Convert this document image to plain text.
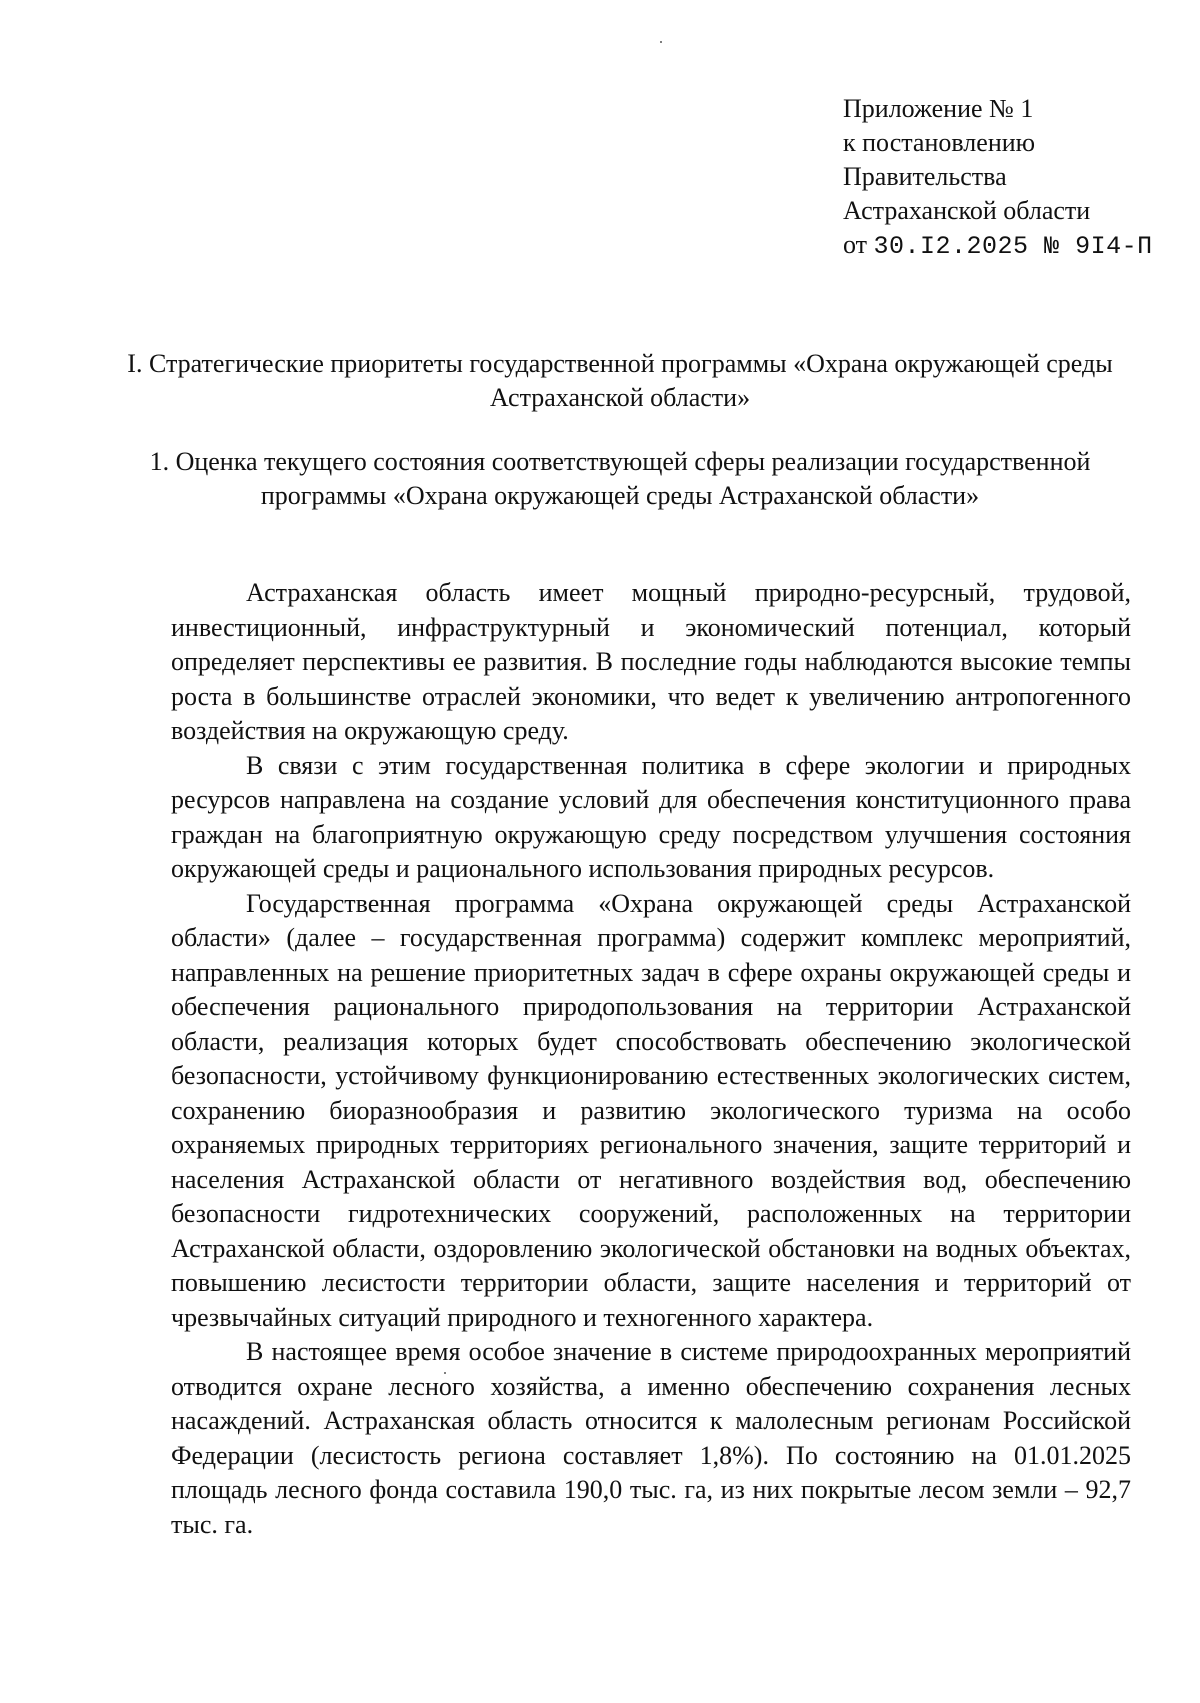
Приложение № 1
к постановлению
Правительства
Астраханской области
от 30.I2.2025 № 9I4-П
I. Стратегические приоритеты государственной программы «Охрана окружающей среды Астраханской области»
1. Оценка текущего состояния соответствующей сферы реализации государственной программы «Охрана окружающей среды Астраханской области»

Астраханская область имеет мощный природно-ресурсный, трудовой, инвестиционный, инфраструктурный и экономический потенциал, который определяет перспективы ее развития. В последние годы наблюдаются высокие темпы роста в большинстве отраслей экономики, что ведет к увеличению антропогенного воздействия на окружающую среду.

В связи с этим государственная политика в сфере экологии и природных ресурсов направлена на создание условий для обеспечения конституционного права граждан на благоприятную окружающую среду посредством улучшения состояния окружающей среды и рационального использования природных ресурсов.

Государственная программа «Охрана окружающей среды Астраханской области» (далее – государственная программа) содержит комплекс мероприятий, направленных на решение приоритетных задач в сфере охраны окружающей среды и обеспечения рационального природопользования на территории Астраханской области, реализация которых будет способствовать обеспечению экологической безопасности, устойчивому функционированию естественных экологических систем, сохранению биоразнообразия и развитию экологического туризма на особо охраняемых природных территориях регионального значения, защите территорий и населения Астраханской области от негативного воздействия вод, обеспечению безопасности гидротехнических сооружений, расположенных на территории Астраханской области, оздоровлению экологической обстановки на водных объектах, повышению лесистости территории области, защите населения и территорий от чрезвычайных ситуаций природного и техногенного характера.

В настоящее время особое значение в системе природоохранных мероприятий отводится охране лесного хозяйства, а именно обеспечению сохранения лесных насаждений. Астраханская область относится к малолесным регионам Российской Федерации (лесистость региона составляет 1,8%). По состоянию на 01.01.2025 площадь лесного фонда составила 190,0 тыс. га, из них покрытые лесом земли – 92,7 тыс. га.
